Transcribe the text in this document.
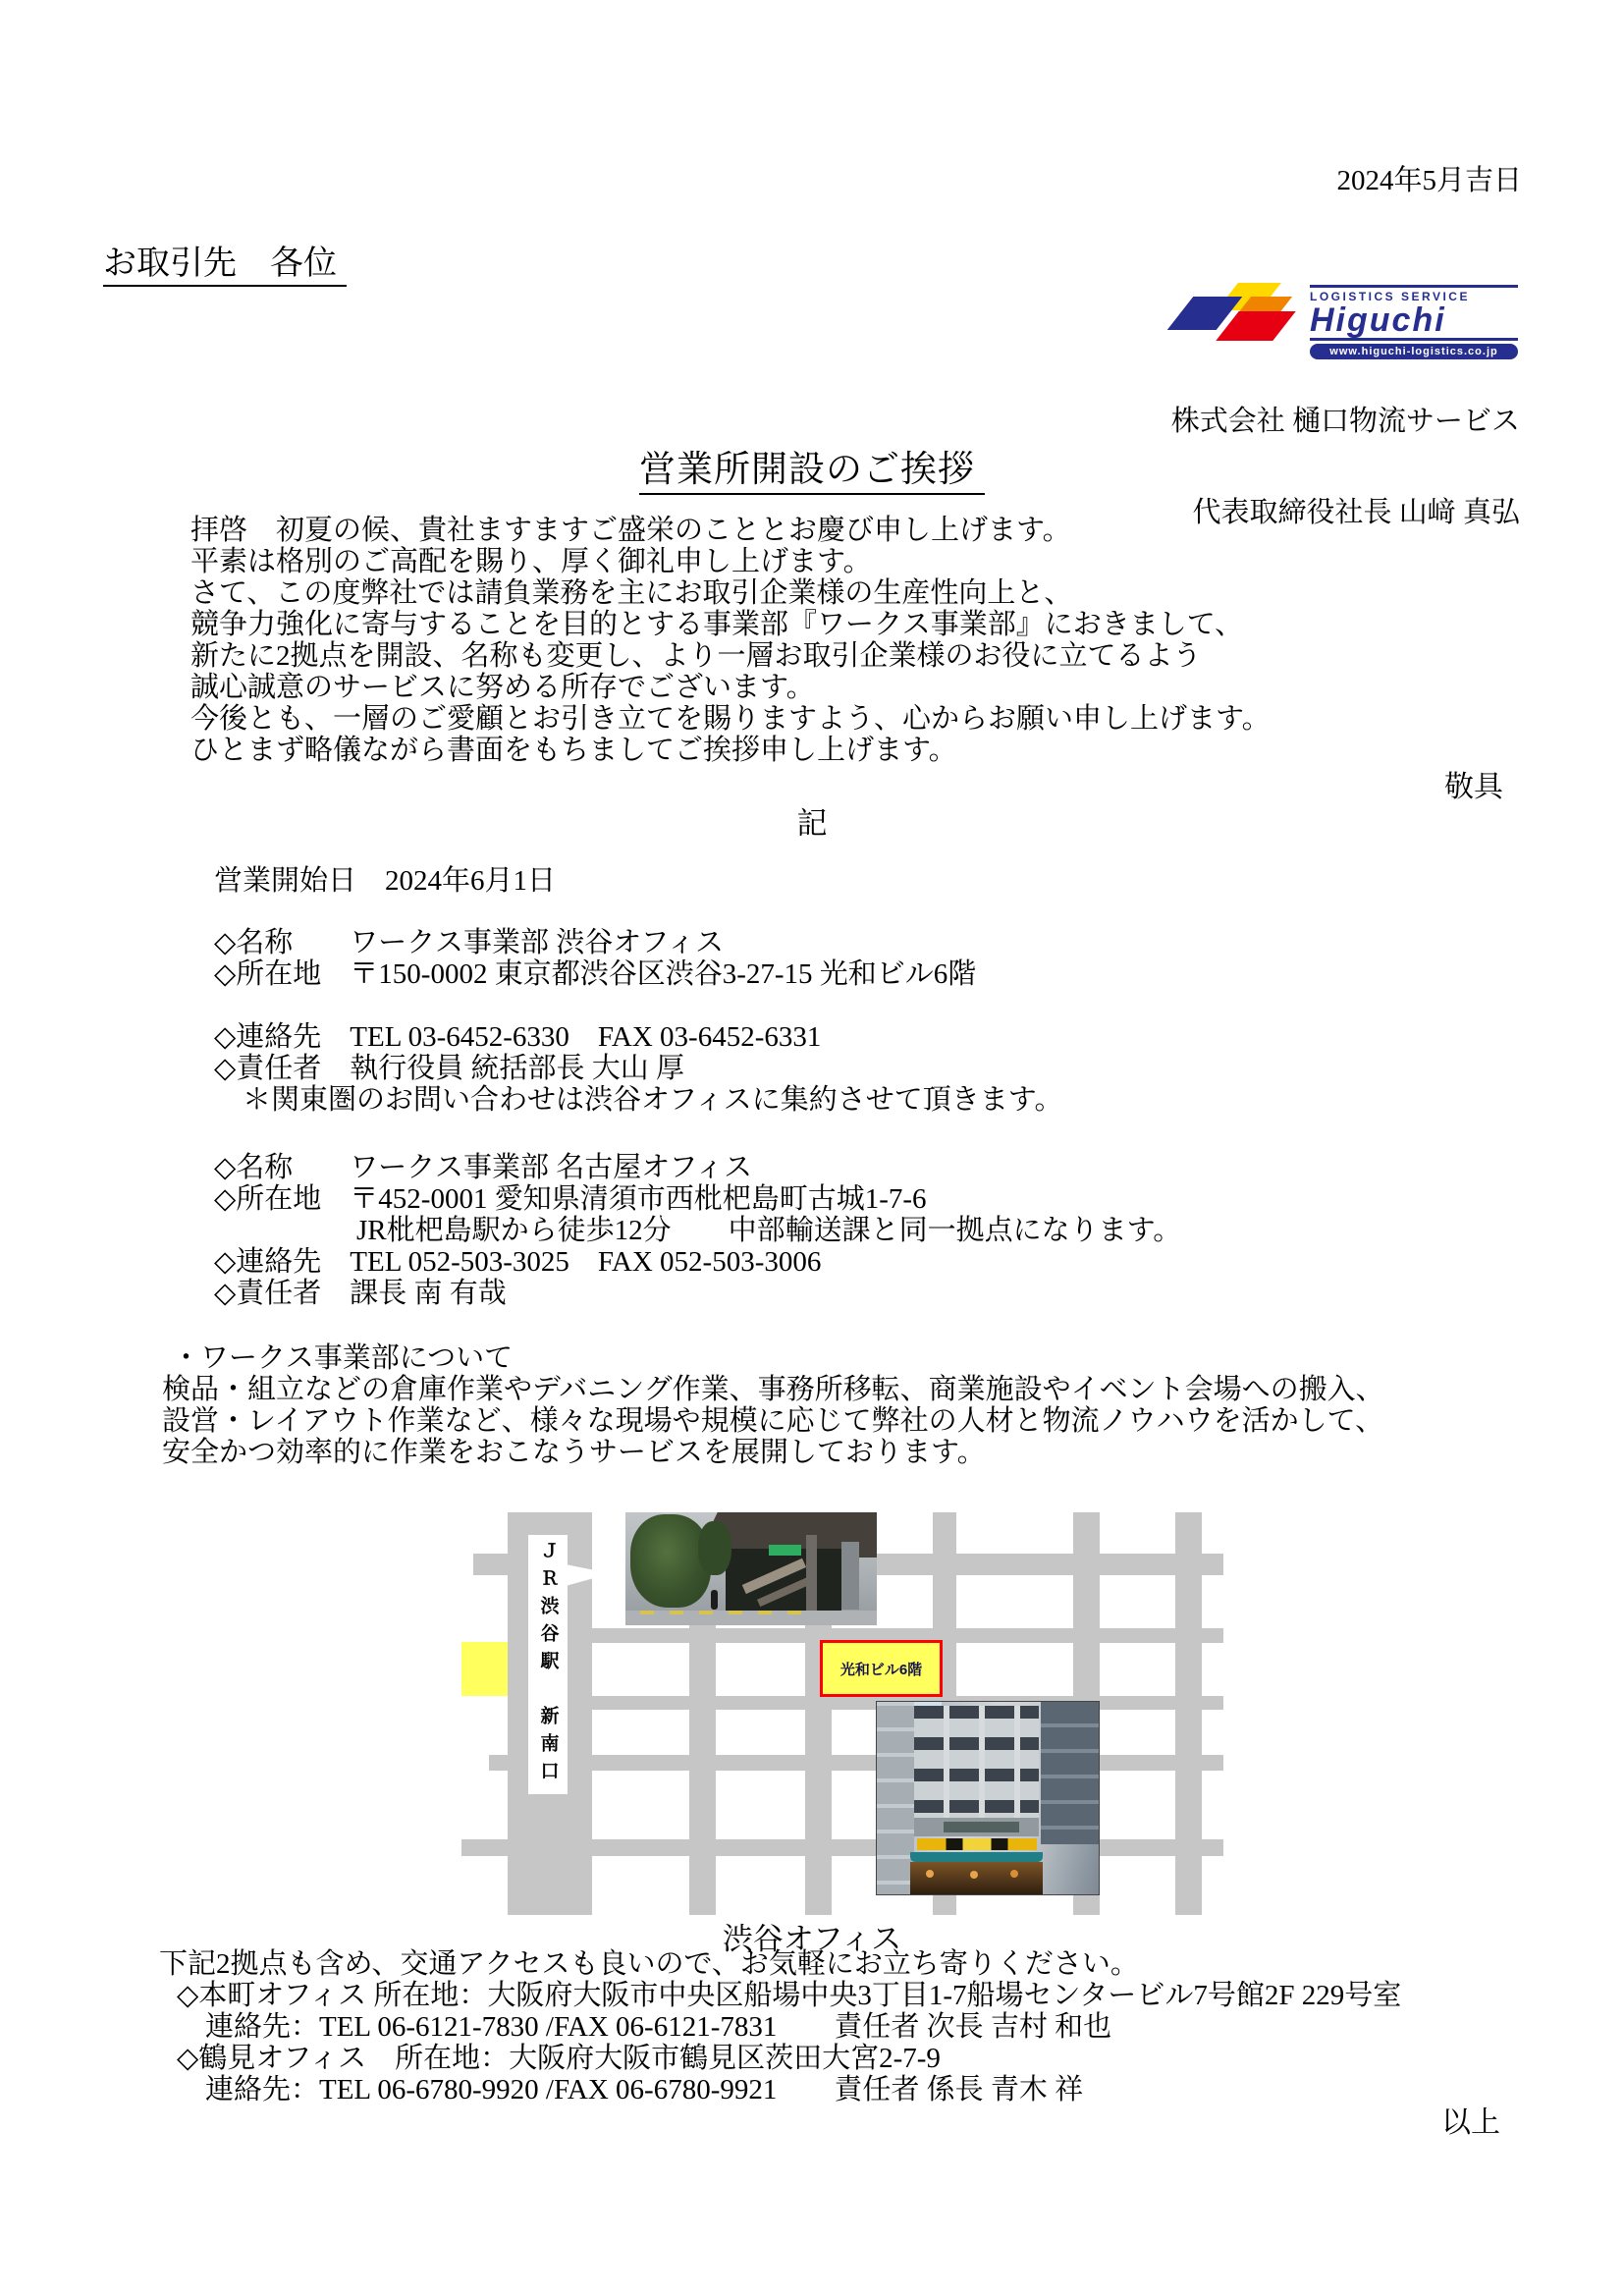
2024年5月吉日
お取引先　各位
LOGISTICS SERVICE
Higuchi
www.higuchi-logistics.co.jp

株式会社 樋口物流サービス

代表取締役社長 山﨑 真弘

営業所開設のご挨拶
拝啓　初夏の候、貴社ますますご盛栄のこととお慶び申し上げます。
平素は格別のご高配を賜り、厚く御礼申し上げます。
さて、この度弊社では請負業務を主にお取引企業様の生産性向上と、
競争力強化に寄与することを目的とする事業部『ワークス事業部』におきまして、
新たに2拠点を開設、名称も変更し、より一層お取引企業様のお役に立てるよう
誠心誠意のサービスに努める所存でございます。
今後とも、一層のご愛顧とお引き立てを賜りますよう、心からお願い申し上げます。
ひとまず略儀ながら書面をもちましてご挨拶申し上げます。
敬具
記
営業開始日　2024年6月1日
◇名称　　ワークス事業部 渋谷オフィス
◇所在地　〒150-0002 東京都渋谷区渋谷3-27-15 光和ビル6階
◇連絡先　TEL 03-6452-6330　FAX 03-6452-6331
◇責任者　執行役員 統括部長 大山 厚
　＊関東圏のお問い合わせは渋谷オフィスに集約させて頂きます。
◇名称　　ワークス事業部 名古屋オフィス
◇所在地　〒452-0001 愛知県清須市西枇杷島町古城1-7-6
　　　　　JR枇杷島駅から徒歩12分　　中部輸送課と同一拠点になります。
◇連絡先　TEL 052-503-3025　FAX 052-503-3006
◇責任者　課長 南 有哉
・ワークス事業部について
検品・組立などの倉庫作業やデバニング作業、事務所移転、商業施設やイベント会場への搬入、
設営・レイアウト作業など、様々な現場や規模に応じて弊社の人材と物流ノウハウを活かして、
安全かつ効率的に作業をおこなうサービスを展開しております。
ＪＲ渋谷駅　新南口	光和ビル6階
渋谷オフィス
下記2拠点も含め、交通アクセスも良いので、お気軽にお立ち寄りください。
◇本町オフィス 所在地：大阪府大阪市中央区船場中央3丁目1-7船場センタービル7号館2F 229号室
　連絡先：TEL 06-6121-7830 /FAX 06-6121-7831　　責任者 次長 吉村 和也
◇鶴見オフィス　所在地：大阪府大阪市鶴見区茨田大宮2-7-9
　連絡先：TEL 06-6780-9920 /FAX 06-6780-9921　　責任者 係長 青木 祥
以上
